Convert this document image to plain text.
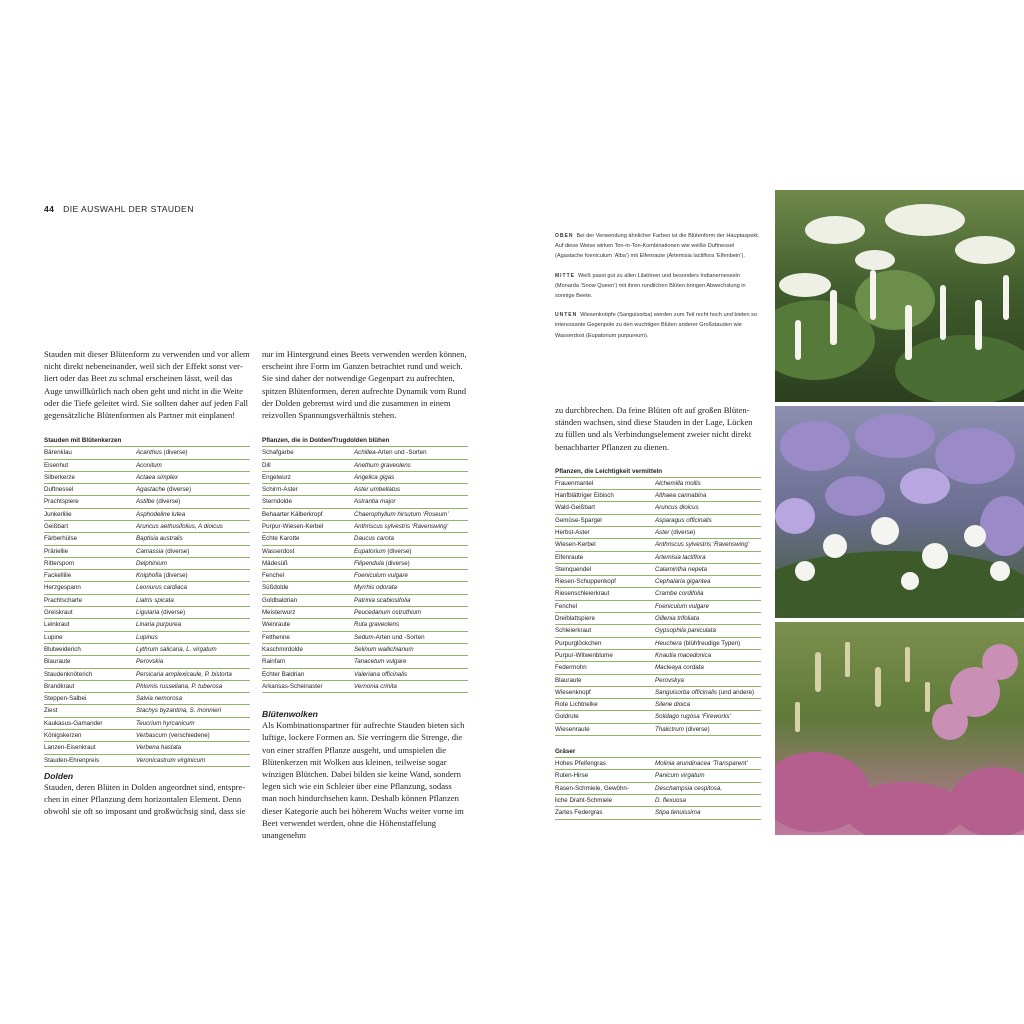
44 DIE AUSWAHL DER STAUDEN

OBEN Bei der Verwendung ähnlicher Farben ist die Blütenform der Hauptaspekt. Auf diese Weise wirken Ton-in-Ton-Kombinationen wie weiße Duftnessel (Agastache foeniculum ‘Alba’) mit Elfenraute (Artemisia lactiflora ‘Elfenbein’).

MITTE Weiß passt gut zu allen Lilatönen und besonders Indianernesseln (Monarda ‘Snow Queen’) mit ihren rundlichen Blüten bringen Abwechslung in sonnige Beete.

UNTEN Wiesenknöpfe (Sanguisorba) werden zum Teil recht hoch und bieten so interessante Gegenpole zu den wuchtigen Blüten anderer Großstauden wie Wasserdost (Eupatorium purpureum).

Stauden mit dieser Blütenform zu verwenden und vor allem nicht direkt nebeneinander, weil sich der Effekt sonst verliert oder das Beet zu schmal erscheinen lässt, weil das Auge unwillkürlich nach oben geht und nicht in die Weite oder die Tiefe geleitet wird. Sie sollten daher auf jeden Fall gegensätzliche Blütenformen als Partner mit einplanen!

Stauden mit Blütenkerzen
Bärenklau	Acanthus (diverse)
Eisenhut	Aconitum
Silberkerze	Actaea simplex
Duftnessel	Agastache (diverse)
Prachtspiere	Astilbe (diverse)
Junkerlilie	Asphodeline lutea
Geißbart	Aruncus aethusifolius, A dioicus
Färberhülse	Baptisia australis
Präriellie	Camassia (diverse)
Rittersporn	Delphinium
Fackellilie	Kniphofia (diverse)
Herzgespann	Leonurus cardiaca
Prachtscharte	Liatris spicata
Greiskraut	Ligularia (diverse)
Leinkraut	Linaria purpurea
Lupine	Lupinus
Blutweiderich	Lythrum salicaria, L. virgatum
Blauraute	Perovskia
Staudenknöterich	Persicaria amplexicaule, P. bistorta
Brandkraut	Phlomis russeliana, P. tuberosa
Steppen-Salbei	Salvia nemorosa
Ziest	Stachys byzantina, S. monnieri
Kaukasus-Gamander	Teucrium hyrcanicum
Königskerzen	Verbascum (verschiedene)
Lanzen-Eisenkraut	Verbena hastata
Stauden-Ehrenpreis	Veronicastrum virginicum
Dolden

Stauden, deren Blüten in Dolden angeordnet sind, entsprechen in einer Pflanzung dem horizontalen Element. Denn obwohl sie oft so imposant und großwüchsig sind, dass sie

nur im Hintergrund eines Beets verwenden werden können, erscheint ihre Form im Ganzen betrachtet rund und weich. Sie sind daher der notwendige Gegenpart zu aufrechten, spitzen Blütenformen, deren aufrechte Dynamik vom Rund der Dolden gebremst wird und die zusammen in einem reizvollen Spannungsverhältnis stehen.

Pflanzen, die in Dolden/Trugdolden blühen
Schafgarbe	Achillea-Arten und -Sorten
Dill	Anethum graveolens
Engelwurz	Angelica gigas
Schirm-Aster	Aster umbellatus
Sterndolde	Astrantia major
Behaarter Kälberkropf	Chaerophyllum hirsutum ‘Roseum’
Purpur-Wiesen-Kerbel	Anthriscus sylvestris ‘Ravenswing’
Echte Karotte	Daucus carota
Wasserdost	Eupatorium (diverse)
Mädesüß	Filipendula (diverse)
Fenchel	Foeniculum vulgare
Süßdolde	Myrrhis odorata
Goldbaldrian	Patrinia scabiosifolia
Meisterwurz	Peucedanum ostruthium
Weinraute	Ruta graveolens
Fetthenne	Sedum-Arten und -Sorten
Kaschmirdolde	Selinum wallichianum
Rainfarn	Tanacetum vulgare
Echter Baldrian	Valeriana officinalis
Arkansas-Scheinaster	Vernonia crinita
Blütenwolken

Als Kombinationspartner für aufrechte Stauden bieten sich luftige, lockere Formen an. Sie verringern die Strenge, die von einer straffen Pflanze ausgeht, und umspielen die Blütenkerzen mit Wolken aus kleinen, teilweise sogar winzigen Blütchen. Dabei bilden sie keine Wand, sondern legen sich wie ein Schleier über eine Pflanzung, sodass man noch hindurchsehen kann. Deshalb können Pflanzen dieser Kategorie auch bei höherem Wuchs weiter vorne im Beet verwendet werden, ohne die Höhenstaffelung unangenehm

zu durchbrechen. Da feine Blüten oft auf großen Blütenständen wachsen, sind diese Stauden in der Lage, Lücken zu füllen und als Verbindungselement zweier nicht direkt benachbarter Pflanzen zu dienen.

Pflanzen, die Leichtigkeit vermitteln
Frauenmantel	Alchemilla mollis
Hanfblättriger Eibisch	Althaea cannabina
Wald-Geißbart	Aruncus dioicus
Gemüse-Spargel	Asparagus officinalis
Herbst-Aster	Aster (diverse)
Wiesen-Kerbel	Anthriscus sylvestris ‘Ravenswing’
Elfenraute	Artemisia lactiflora
Steinquendel	Calamintha nepeta
Riesen-Schuppenkopf	Cephalaria gigantea
Riesenschleierkraut	Crambe cordifolia
Fenchel	Foeniculum vulgare
Dreiblattspiere	Gillenia trifoliata
Schleierkraut	Gypsophila paniculata
Purpurglöckchen	Heuchera (blühfreudige Typen)
Purpur-Witwenblume	Knautia macedonica
Federmohn	Macleaya cordata
Blauraute	Perovskya
Wiesenknopf	Sanguisorba officinalis (und andere)
Rote Lichtnelke	Silene dioica
Goldrute	Solidago rugosa ‘Fireworks’
Wiesenraute	Thalictrum (diverse)
Gräser
Hohes Pfeifengras	Molinia arundinacea ‘Transparent’
Ruten-Hirse	Panicum virgatum
Rasen-Schmiele, Gewöhn-	Deschampsia cespitosa,
liche Draht-Schmiele	D. flexuosa
Zartes Federgras	Stipa tenuissima
